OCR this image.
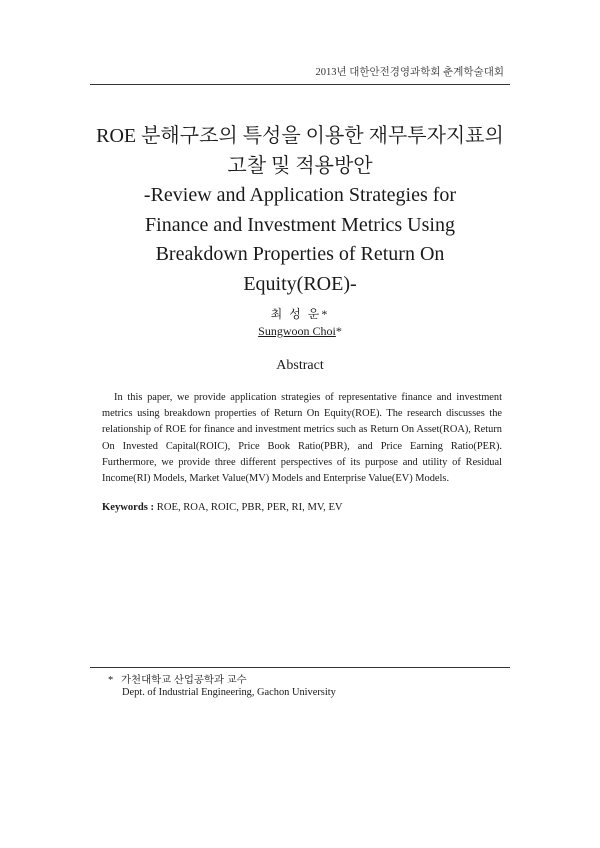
2013년 대한안전경영과학회 춘계학술대회
ROE 분해구조의 특성을 이용한 재무투자지표의
고찰 및 적용방안
-Review and Application Strategies for
Finance and Investment Metrics Using
Breakdown Properties of Return On
Equity(ROE)-
최 성 운*
Sungwoon Choi*
Abstract
In this paper, we provide application strategies of representative finance and investment metrics using breakdown properties of Return On Equity(ROE). The research discusses the relationship of ROE for finance and investment metrics such as Return On Asset(ROA), Return On Invested Capital(ROIC), Price Book Ratio(PBR), and Price Earning Ratio(PER). Furthermore, we provide three different perspectives of its purpose and utility of Residual Income(RI) Models, Market Value(MV) Models and Enterprise Value(EV) Models.
Keywords : ROE, ROA, ROIC, PBR, PER, RI, MV, EV
* 가천대학교 산업공학과 교수
Dept. of Industrial Engineering, Gachon University
